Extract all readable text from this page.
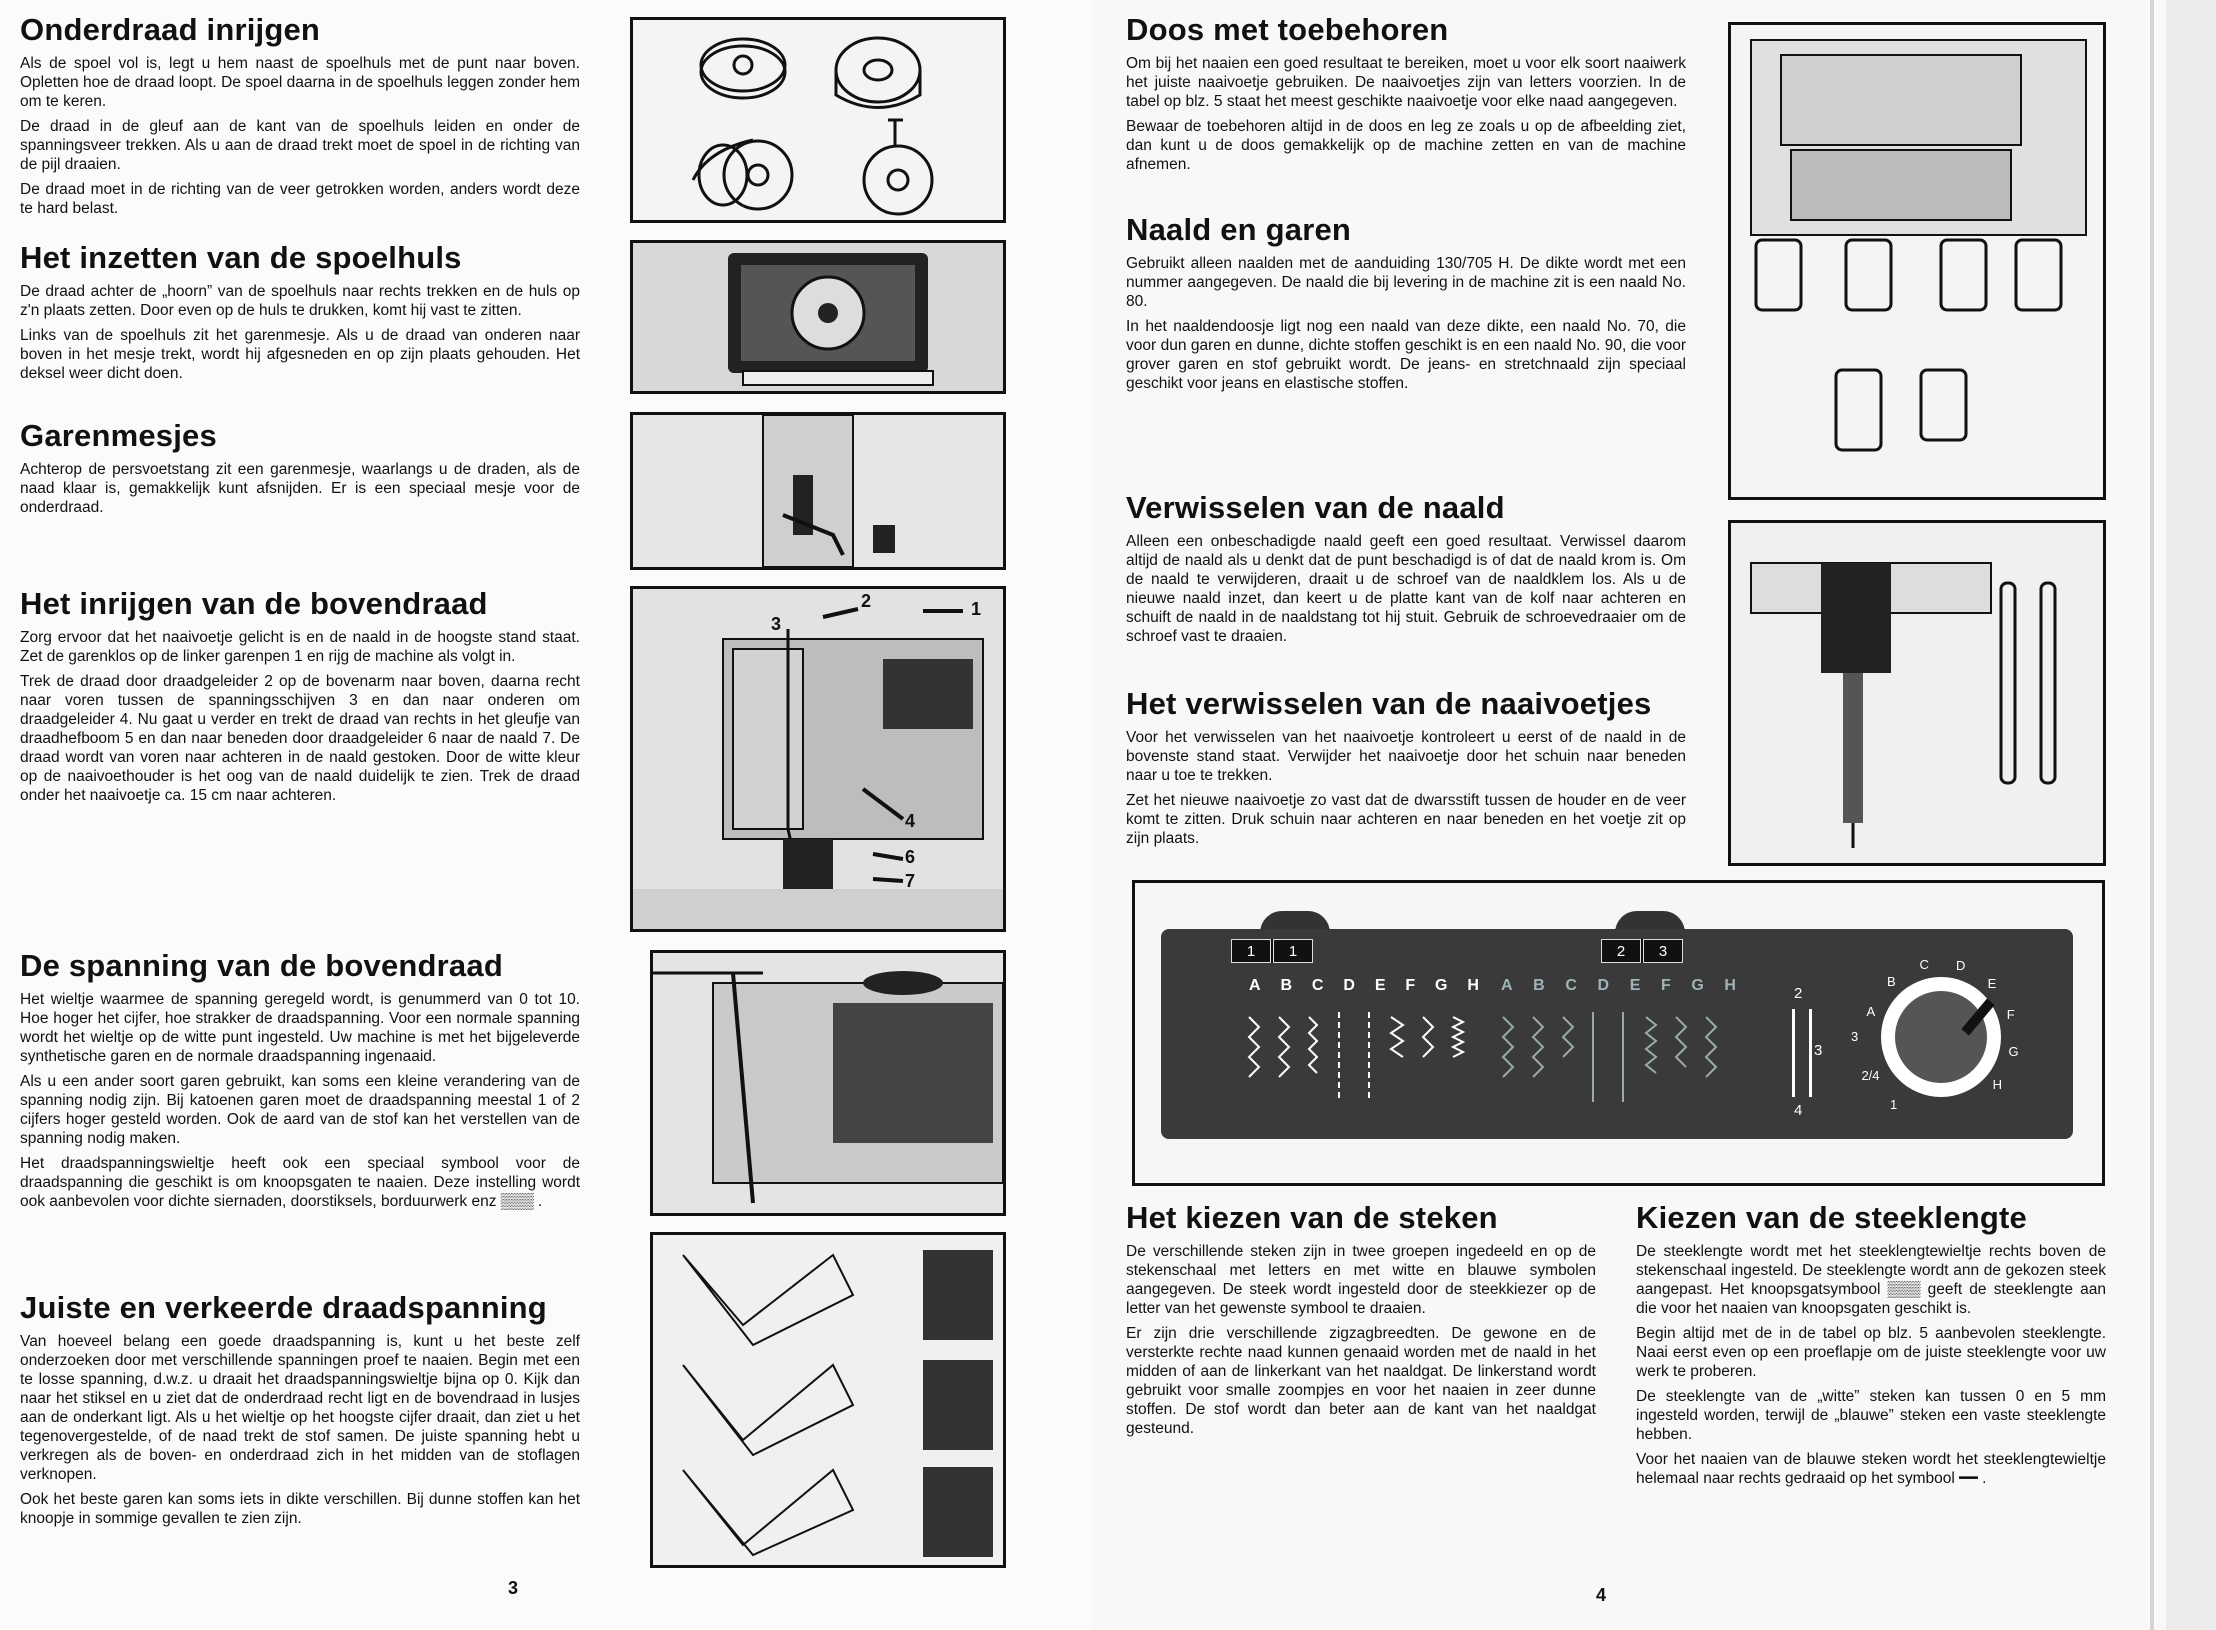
Onderdraad inrijgen

Als de spoel vol is, legt u hem naast de spoelhuls met de punt naar boven. Opletten hoe de draad loopt. De spoel daarna in de spoelhuls leggen zonder hem om te keren.

De draad in de gleuf aan de kant van de spoelhuls leiden en onder de spanningsveer trekken. Als u aan de draad trekt moet de spoel in de richting van de pijl draaien.

De draad moet in de richting van de veer getrokken worden, anders wordt deze te hard belast.

Het inzetten van de spoelhuls

De draad achter de „hoorn” van de spoelhuls naar rechts trekken en de huls op z'n plaats zetten. Door even op de huls te drukken, komt hij vast te zitten.

Links van de spoelhuls zit het garenmesje. Als u de draad van onderen naar boven in het mesje trekt, wordt hij afgesneden en op zijn plaats gehouden. Het deksel weer dicht doen.

Garenmesjes

Achterop de persvoetstang zit een garenmesje, waarlangs u de draden, als de naad klaar is, gemakkelijk kunt afsnijden. Er is een speciaal mesje voor de onderdraad.

Het inrijgen van de bovendraad

Zorg ervoor dat het naaivoetje gelicht is en de naald in de hoogste stand staat. Zet de garenklos op de linker garenpen 1 en rijg de machine als volgt in.

Trek de draad door draadgeleider 2 op de bovenarm naar boven, daarna recht naar voren tussen de spanningsschijven 3 en dan naar onderen om draadgeleider 4. Nu gaat u verder en trekt de draad van rechts in het gleufje van draadhefboom 5 en dan naar beneden door draadgeleider 6 naar de naald 7. De draad wordt van voren naar achteren in de naald gestoken. Door de witte kleur op de naaivoethouder is het oog van de naald duidelijk te zien. Trek de draad onder het naaivoetje ca. 15 cm naar achteren.

De spanning van de bovendraad

Het wieltje waarmee de spanning geregeld wordt, is genummerd van 0 tot 10. Hoe hoger het cijfer, hoe strakker de draadspanning. Voor een normale spanning wordt het wieltje op de witte punt ingesteld. Uw machine is met het bijgeleverde synthetische garen en de normale draadspanning ingenaaid.

Als u een ander soort garen gebruikt, kan soms een kleine verandering van de spanning nodig zijn. Bij katoenen garen moet de draadspanning meestal 1 of 2 cijfers hoger gesteld worden. Ook de aard van de stof kan het verstellen van de spanning nodig maken.

Het draadspanningswieltje heeft ook een speciaal symbool voor de draadspanning die geschikt is om knoopsgaten te naaien. Deze instelling wordt ook aanbevolen voor dichte siernaden, doorstiksels, borduurwerk enz ▒▒▒ .

Juiste en verkeerde draadspanning

Van hoeveel belang een goede draadspanning is, kunt u het beste zelf onderzoeken door met verschillende spanningen proef te naaien. Begin met een te losse spanning, d.w.z. u draait het draadspanningswieltje bijna op 0. Kijk dan naar het stiksel en u ziet dat de onderdraad recht ligt en de bovendraad in lusjes aan de onderkant ligt. Als u het wieltje op het hoogste cijfer draait, dan ziet u het tegenovergestelde, of de naad trekt de stof samen. De juiste spanning hebt u verkregen als de boven- en onderdraad zich in het midden van de stoflagen verknopen.

Ook het beste garen kan soms iets in dikte verschillen. Bij dunne stoffen kan het knoopje in sommige gevallen te zien zijn.

3
2	1
3
4
6
7
Doos met toebehoren

Om bij het naaien een goed resultaat te bereiken, moet u voor elk soort naaiwerk het juiste naaivoetje gebruiken. De naaivoetjes zijn van letters voorzien. In de tabel op blz. 5 staat het meest geschikte naaivoetje voor elke naad aangegeven.

Bewaar de toebehoren altijd in de doos en leg ze zoals u op de afbeelding ziet, dan kunt u de doos gemakkelijk op de machine zetten en van de machine afnemen.

Naald en garen

Gebruikt alleen naalden met de aanduiding 130/705 H. De dikte wordt met een nummer aangegeven. De naald die bij levering in de machine zit is een naald No. 80.

In het naaldendoosje ligt nog een naald van deze dikte, een naald No. 70, die voor dun garen en dunne, dichte stoffen geschikt is en een naald No. 90, die voor grover garen en stof gebruikt wordt. De jeans- en stretchnaald zijn speciaal geschikt voor jeans en elastische stoffen.

Verwisselen van de naald

Alleen een onbeschadigde naald geeft een goed resultaat. Verwissel daarom altijd de naald als u denkt dat de punt beschadigd is of dat de naald krom is. Om de naald te verwijderen, draait u de schroef van de naaldklem los. Als u de nieuwe naald inzet, dan keert u de platte kant van de kolf naar achteren en schuift de naald in de naaldstang tot hij stuit. Gebruik de schroevedraaier om de schroef vast te draaien.

Het verwisselen van de naaivoetjes

Voor het verwisselen van het naaivoetje kontroleert u eerst of de naald in de bovenste stand staat. Verwijder het naaivoetje door het schuin naar beneden naar u toe te trekken.

Zet het nieuwe naaivoetje zo vast dat de dwarsstift tussen de houder en de veer komt te zitten. Druk schuin naar achteren en naar beneden en het voetje zit op zijn plaats.

Het kiezen van de steken

De verschillende steken zijn in twee groepen ingedeeld en op de stekenschaal met letters en met witte en blauwe symbolen aangegeven. De steek wordt ingesteld door de steekkiezer op de letter van het gewenste symbool te draaien.

Er zijn drie verschillende zigzagbreedten. De gewone en de versterkte rechte naad kunnen genaaid worden met de naald in het midden of aan de linkerkant van het naaldgat. De linkerstand wordt gebruikt voor smalle zoompjes en voor het naaien in zeer dunne stoffen. De stof wordt dan beter aan de kant van het naaldgat gesteund.

Kiezen van de steeklengte

De steeklengte wordt met het steeklengtewieltje rechts boven de stekenschaal ingesteld. De steeklengte wordt ann de gekozen steek aangepast. Het knoopsgatsymbool ▒▒▒ geeft de steeklengte aan die voor het naaien van knoopsgaten geschikt is.

Begin altijd met de in de tabel op blz. 5 aanbevolen steeklengte. Naai eerst even op een proeflapje om de juiste steeklengte voor uw werk te proberen.

De steeklengte van de „witte” steken kan tussen 0 en 5 mm ingesteld worden, terwijl de „blauwe” steken een vaste steeklengte hebben.

Voor het naaien van de blauwe steken wordt het steeklengtewieltje helemaal naar rechts gedraaid op het symbool ━━ .

4
1	1	2	3
A B C D E F G H A B C D E F G H	2
3
4
A
B
C D
E
F
G
H
3
2/4
1
